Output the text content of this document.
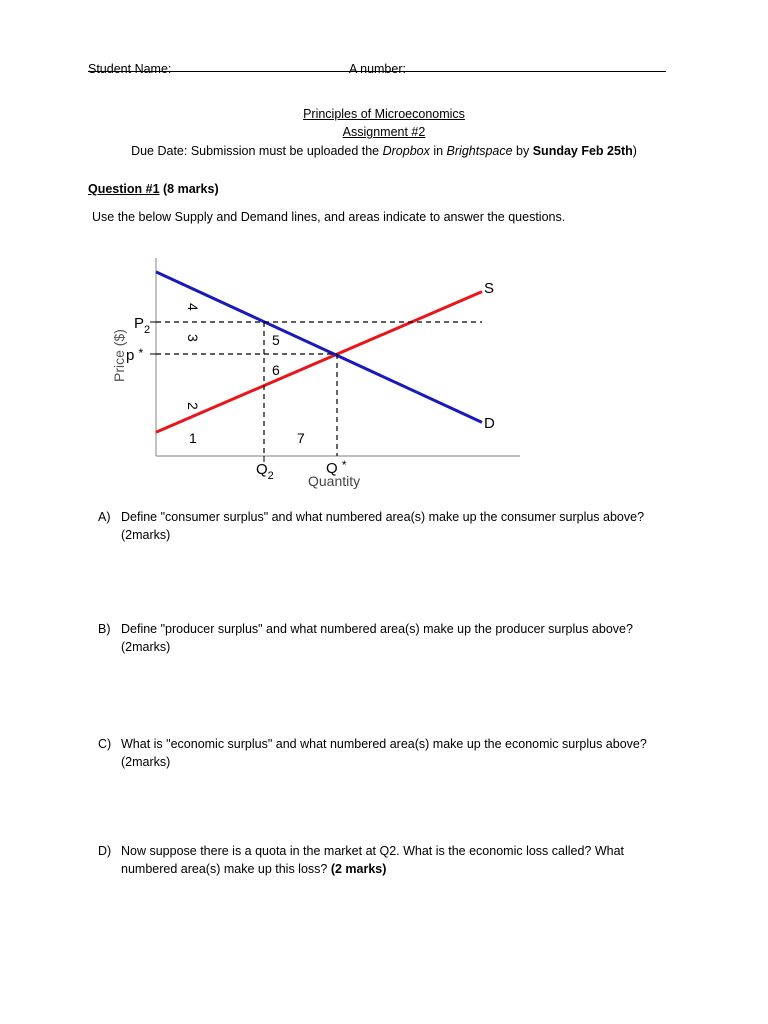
Student Name:	A number:
Principles of Microeconomics
Assignment #2
Due Date: Submission must be uploaded the Dropbox in Brightspace by Sunday Feb 25th)
Question #1 (8 marks)
Use the below Supply and Demand lines, and areas indicate to answer the questions.
S
D
$P_2$
p *
$Q_2$	Q *
Quantity
Price ($)
4
3	5
6
2
1	7
A) Define "consumer surplus" and what numbered area(s) make up the consumer surplus above?
(2marks)
B) Define "producer surplus" and what numbered area(s) make up the producer surplus above?
(2marks)
C) What is "economic surplus" and what numbered area(s) make up the economic surplus above?
(2marks)
D) Now suppose there is a quota in the market at Q2. What is the economic loss called? What
numbered area(s) make up this loss? (2 marks)
